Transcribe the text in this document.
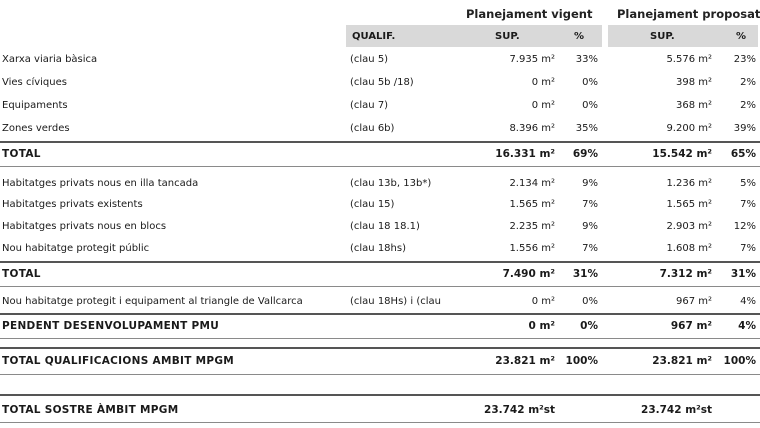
Planejament vigent Planejament proposat
QUALIF.	SUP.	%	SUP.	%
Xarxa viaria bàsica	(clau 5)	7.935 m² 33%	5.576 m² 23%
Vies cíviques	(clau 5b /18)	0 m²	0%	398 m²	2%
Equipaments	(clau 7)	0 m²	0%	368 m²	2%
Zones verdes	(clau 6b)	8.396 m² 35%	9.200 m² 39%
TOTAL	16.331 m² 69%	15.542 m² 65%
Habitatges privats nous en illa tancada	(clau 13b, 13b*)	2.134 m²	9%	1.236 m²	5%
Habitatges privats existents	(clau 15)	1.565 m²	7%	1.565 m²	7%
Habitatges privats nous en blocs	(clau 18 18.1)	2.235 m²	9%	2.903 m² 12%
Nou habitatge protegit públic	(clau 18hs)	1.556 m²	7%	1.608 m²	7%
TOTAL	7.490 m² 31%	7.312 m² 31%
Nou habitatge protegit i equipament al triangle de Vallcarca	(clau 18Hs) i (clau	0 m²	0%	967 m²	4%
PENDENT DESENVOLUPAMENT PMU	0 m² 0%	967 m² 4%
TOTAL QUALIFICACIONS AMBIT MPGM	23.821 m² 100%	23.821 m² 100%
TOTAL SOSTRE ÀMBIT MPGM	23.742 m²st	23.742 m²st
